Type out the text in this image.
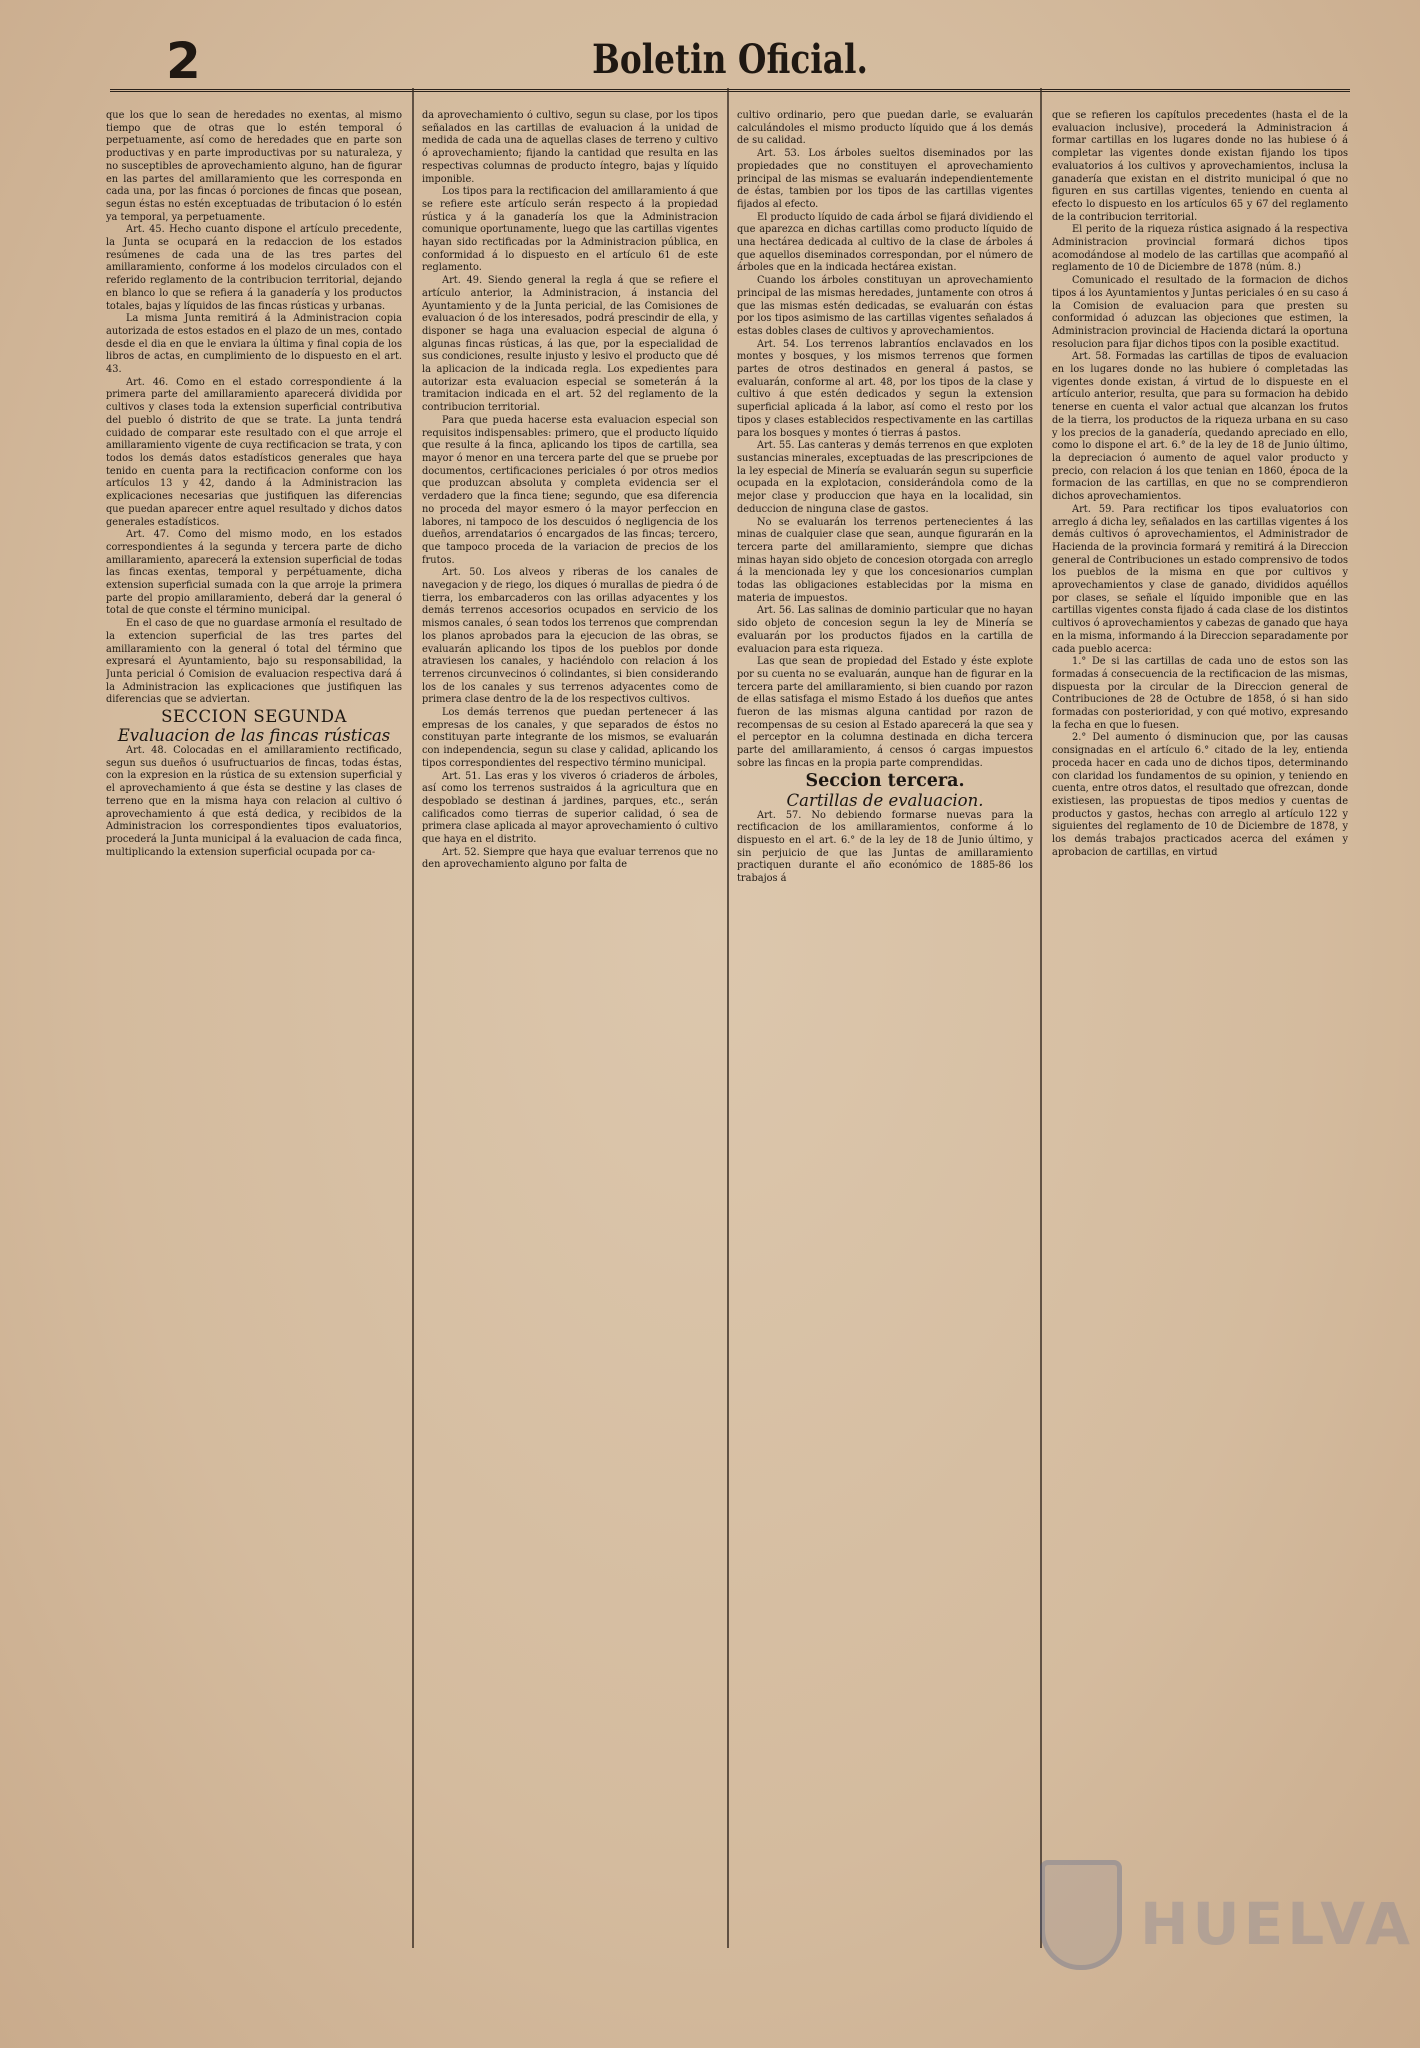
2	Boletin Oficial.

que los que lo sean de heredades no exentas, al mismo tiempo que de otras que lo estén temporal ó perpetuamente, así como de heredades que en parte son productivas y en parte improductivas por su naturaleza, y no susceptibles de aprovechamiento alguno, han de figurar en las partes del amillaramiento que les corresponda en cada una, por las fincas ó porciones de fincas que posean, segun éstas no estén exceptuadas de tributacion ó lo estén ya temporal, ya perpetuamente.

Art. 45. Hecho cuanto dispone el artículo precedente, la Junta se ocupará en la redaccion de los estados resúmenes de cada una de las tres partes del amillaramiento, conforme á los modelos circulados con el referido reglamento de la contribucion territorial, dejando en blanco lo que se refiera á la ganadería y los productos totales, bajas y líquidos de las fincas rústicas y urbanas.

La misma Junta remitirá á la Administracion copia autorizada de estos estados en el plazo de un mes, contado desde el dia en que le enviara la última y final copia de los libros de actas, en cumplimiento de lo dispuesto en el art. 43.

Art. 46. Como en el estado correspondiente á la primera parte del amillaramiento aparecerá dividida por cultivos y clases toda la extension superficial contributiva del pueblo ó distrito de que se trate. La junta tendrá cuidado de comparar este resultado con el que arroje el amillaramiento vigente de cuya rectificacion se trata, y con todos los demás datos estadísticos generales que haya tenido en cuenta para la rectificacion conforme con los artículos 13 y 42, dando á la Administracion las explicaciones necesarias que justifiquen las diferencias que puedan aparecer entre aquel resultado y dichos datos generales estadísticos.

Art. 47. Como del mismo modo, en los estados correspondientes á la segunda y tercera parte de dicho amillaramiento, aparecerá la extension superficial de todas las fincas exentas, temporal y perpétuamente, dicha extension superficial sumada con la que arroje la primera parte del propio amillaramiento, deberá dar la general ó total de que conste el término municipal.

En el caso de que no guardase armonía el resultado de la extencion superficial de las tres partes del amillaramiento con la general ó total del término que expresará el Ayuntamiento, bajo su responsabilidad, la Junta pericial ó Comision de evaluacion respectiva dará á la Administracion las explicaciones que justifiquen las diferencias que se adviertan.

SECCION SEGUNDA
Evaluacion de las fincas rústicas

Art. 48. Colocadas en el amillaramiento rectificado, segun sus dueños ó usufructuarios de fincas, todas éstas, con la expresion en la rústica de su extension superficial y el aprovechamiento á que ésta se destine y las clases de terreno que en la misma haya con relacion al cultivo ó aprovechamiento á que está dedica, y recibidos de la Administracion los correspondientes tipos evaluatorios, procederá la Junta municipal á la evaluacion de cada finca, multiplicando la extension superficial ocupada por ca-

da aprovechamiento ó cultivo, segun su clase, por los tipos señalados en las cartillas de evaluacion á la unidad de medida de cada una de aquellas clases de terreno y cultivo ó aprovechamiento; fijando la cantidad que resulta en las respectivas columnas de producto íntegro, bajas y líquido imponible.

Los tipos para la rectificacion del amillaramiento á que se refiere este artículo serán respecto á la propiedad rústica y á la ganadería los que la Administracion comunique oportunamente, luego que las cartillas vigentes hayan sido rectificadas por la Administracion pública, en conformidad á lo dispuesto en el artículo 61 de este reglamento.

Art. 49. Siendo general la regla á que se refiere el artículo anterior, la Administracion, á instancia del Ayuntamiento y de la Junta pericial, de las Comisiones de evaluacion ó de los interesados, podrá prescindir de ella, y disponer se haga una evaluacion especial de alguna ó algunas fincas rústicas, á las que, por la especialidad de sus condiciones, resulte injusto y lesivo el producto que dé la aplicacion de la indicada regla. Los expedientes para autorizar esta evaluacion especial se someterán á la tramitacion indicada en el art. 52 del reglamento de la contribucion territorial.

Para que pueda hacerse esta evaluacion especial son requisitos indispensables: primero, que el producto líquido que resulte á la finca, aplicando los tipos de cartilla, sea mayor ó menor en una tercera parte del que se pruebe por documentos, certificaciones periciales ó por otros medios que produzcan absoluta y completa evidencia ser el verdadero que la finca tiene; segundo, que esa diferencia no proceda del mayor esmero ó la mayor perfeccion en labores, ni tampoco de los descuidos ó negligencia de los dueños, arrendatarios ó encargados de las fincas; tercero, que tampoco proceda de la variacion de precios de los frutos.

Art. 50. Los alveos y riberas de los canales de navegacion y de riego, los diques ó murallas de piedra ó de tierra, los embarcaderos con las orillas adyacentes y los demás terrenos accesorios ocupados en servicio de los mismos canales, ó sean todos los terrenos que comprendan los planos aprobados para la ejecucion de las obras, se evaluarán aplicando los tipos de los pueblos por donde atraviesen los canales, y haciéndolo con relacion á los terrenos circunvecinos ó colindantes, si bien considerando los de los canales y sus terrenos adyacentes como de primera clase dentro de la de los respectivos cultivos.

Los demás terrenos que puedan pertenecer á las empresas de los canales, y que separados de éstos no constituyan parte integrante de los mismos, se evaluarán con independencia, segun su clase y calidad, aplicando los tipos correspondientes del respectivo término municipal.

Art. 51. Las eras y los viveros ó criaderos de árboles, así como los terrenos sustraidos á la agricultura que en despoblado se destinan á jardines, parques, etc., serán calificados como tierras de superior calidad, ó sea de primera clase aplicada al mayor aprovechamiento ó cultivo que haya en el distrito.

Art. 52. Siempre que haya que evaluar terrenos que no den aprovechamiento alguno por falta de

cultivo ordinario, pero que puedan darle, se evaluarán calculándoles el mismo producto líquido que á los demás de su calidad.

Art. 53. Los árboles sueltos diseminados por las propiedades que no constituyen el aprovechamiento principal de las mismas se evaluarán independientemente de éstas, tambien por los tipos de las cartillas vigentes fijados al efecto.

El producto líquido de cada árbol se fijará dividiendo el que aparezca en dichas cartillas como producto líquido de una hectárea dedicada al cultivo de la clase de árboles á que aquellos diseminados correspondan, por el número de árboles que en la indicada hectárea existan.

Cuando los árboles constituyan un aprovechamiento principal de las mismas heredades, juntamente con otros á que las mismas estén dedicadas, se evaluarán con éstas por los tipos asimismo de las cartillas vigentes señalados á estas dobles clases de cultivos y aprovechamientos.

Art. 54. Los terrenos labrantíos enclavados en los montes y bosques, y los mismos terrenos que formen partes de otros destinados en general á pastos, se evaluarán, conforme al art. 48, por los tipos de la clase y cultivo á que estén dedicados y segun la extension superficial aplicada á la labor, así como el resto por los tipos y clases establecidos respectivamente en las cartillas para los bosques y montes ó tierras á pastos.

Art. 55. Las canteras y demás terrenos en que exploten sustancias minerales, exceptuadas de las prescripciones de la ley especial de Minería se evaluarán segun su superficie ocupada en la explotacion, considerándola como de la mejor clase y produccion que haya en la localidad, sin deduccion de ninguna clase de gastos.

No se evaluarán los terrenos pertenecientes á las minas de cualquier clase que sean, aunque figurarán en la tercera parte del amillaramiento, siempre que dichas minas hayan sido objeto de concesion otorgada con arreglo á la mencionada ley y que los concesionarios cumplan todas las obligaciones establecidas por la misma en materia de impuestos.

Art. 56. Las salinas de dominio particular que no hayan sido objeto de concesion segun la ley de Minería se evaluarán por los productos fijados en la cartilla de evaluacion para esta riqueza.

Las que sean de propiedad del Estado y éste explote por su cuenta no se evaluarán, aunque han de figurar en la tercera parte del amillaramiento, si bien cuando por razon de ellas satisfaga el mismo Estado á los dueños que antes fueron de las mismas alguna cantidad por razon de recompensas de su cesion al Estado aparecerá la que sea y el perceptor en la columna destinada en dicha tercera parte del amillaramiento, á censos ó cargas impuestos sobre las fincas en la propia parte comprendidas.

Seccion tercera.
Cartillas de evaluacion.

Art. 57. No debiendo formarse nuevas para la rectificacion de los amillaramientos, conforme á lo dispuesto en el art. 6.° de la ley de 18 de Junio último, y sin perjuicio de que las Juntas de amillaramiento practiquen durante el año económico de 1885-86 los trabajos á

que se refieren los capítulos precedentes (hasta el de la evaluacion inclusive), procederá la Administracion á formar cartillas en los lugares donde no las hubiese ó á completar las vigentes donde existan fijando los tipos evaluatorios á los cultivos y aprovechamientos, inclusa la ganadería que existan en el distrito municipal ó que no figuren en sus cartillas vigentes, teniendo en cuenta al efecto lo dispuesto en los artículos 65 y 67 del reglamento de la contribucion territorial.

El perito de la riqueza rústica asignado á la respectiva Administracion provincial formará dichos tipos acomodándose al modelo de las cartillas que acompañó al reglamento de 10 de Diciembre de 1878 (núm. 8.)

Comunicado el resultado de la formacion de dichos tipos á los Ayuntamientos y Juntas periciales ó en su caso á la Comision de evaluacion para que presten su conformidad ó aduzcan las objeciones que estimen, la Administracion provincial de Hacienda dictará la oportuna resolucion para fijar dichos tipos con la posible exactitud.

Art. 58. Formadas las cartillas de tipos de evaluacion en los lugares donde no las hubiere ó completadas las vigentes donde existan, á virtud de lo dispueste en el artículo anterior, resulta, que para su formacion ha debido tenerse en cuenta el valor actual que alcanzan los frutos de la tierra, los productos de la riqueza urbana en su caso y los precios de la ganadería, quedando apreciado en ello, como lo dispone el art. 6.° de la ley de 18 de Junio último, la depreciacion ó aumento de aquel valor producto y precio, con relacion á los que tenian en 1860, época de la formacion de las cartillas, en que no se comprendieron dichos aprovechamientos.

Art. 59. Para rectificar los tipos evaluatorios con arreglo á dicha ley, señalados en las cartillas vigentes á los demás cultivos ó aprovechamientos, el Administrador de Hacienda de la provincia formará y remitirá á la Direccion general de Contribuciones un estado comprensivo de todos los pueblos de la misma en que por cultivos y aprovechamientos y clase de ganado, divididos aquéllos por clases, se señale el líquido imponible que en las cartillas vigentes consta fijado á cada clase de los distintos cultivos ó aprovechamientos y cabezas de ganado que haya en la misma, informando á la Direccion separadamente por cada pueblo acerca:

1.° De si las cartillas de cada uno de estos son las formadas á consecuencia de la rectificacion de las mismas, dispuesta por la circular de la Direccion general de Contribuciones de 28 de Octubre de 1858, ó si han sido formadas con posterioridad, y con qué motivo, expresando la fecha en que lo fuesen.

2.° Del aumento ó disminucion que, por las causas consignadas en el artículo 6.° citado de la ley, entienda proceda hacer en cada uno de dichos tipos, determinando con claridad los fundamentos de su opinion, y teniendo en cuenta, entre otros datos, el resultado que ofrezcan, donde existiesen, las propuestas de tipos medios y cuentas de productos y gastos, hechas con arreglo al artículo 122 y siguientes del reglamento de 10 de Diciembre de 1878, y los demás trabajos practicados acerca del exámen y aprobacion de cartillas, en virtud

HUELVA
